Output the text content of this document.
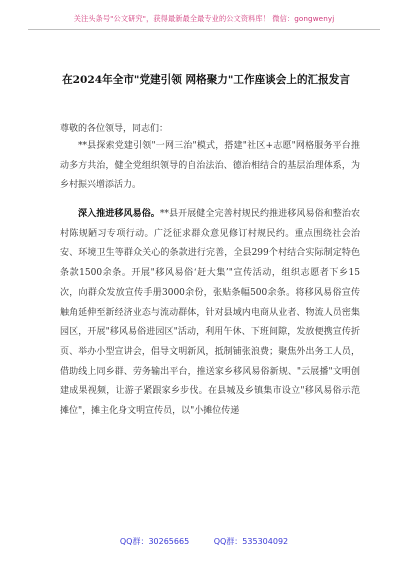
关注头条号"公文研究"，获得最新最全最专业的公文资料库！ 微信：gongwenyj
在2024年全市"党建引领 网格聚力"工作座谈会上的汇报发言
尊敬的各位领导，同志们：
**县探索党建引领"一网三治"模式，搭建"社区+志愿"网格服务平台推动多方共治，健全党组织领导的自治法治、德治相结合的基层治理体系，为乡村振兴增添活力。
深入推进移风易俗。**县开展健全完善村规民约推进移风易俗和整治农村陈规陋习专项行动。广泛征求群众意见修订村规民约。重点围绕社会治安、环境卫生等群众关心的条款进行完善，全县299个村结合实际制定特色条款1500余条。开展"移风易俗‘赶大集’"宣传活动，组织志愿者下乡15次，向群众发放宣传手册3000余份，张贴条幅500余条。将移风易俗宣传触角延伸至新经济业态与流动群体，针对县域内电商从业者、物流人员密集园区，开展"移风易俗进园区"活动，利用午休、下班间隙，发放便携宣传折页、举办小型宣讲会，倡导文明新风，抵制铺张浪费；聚焦外出务工人员，借助线上同乡群、劳务输出平台，推送家乡移风易俗新规、"云展播"文明创建成果视频，让游子紧跟家乡步伐。在县城及乡镇集市设立"移风易俗示范摊位"，摊主化身文明宣传员，以"小摊位传递
QQ群：30265665	QQ群：535304092
